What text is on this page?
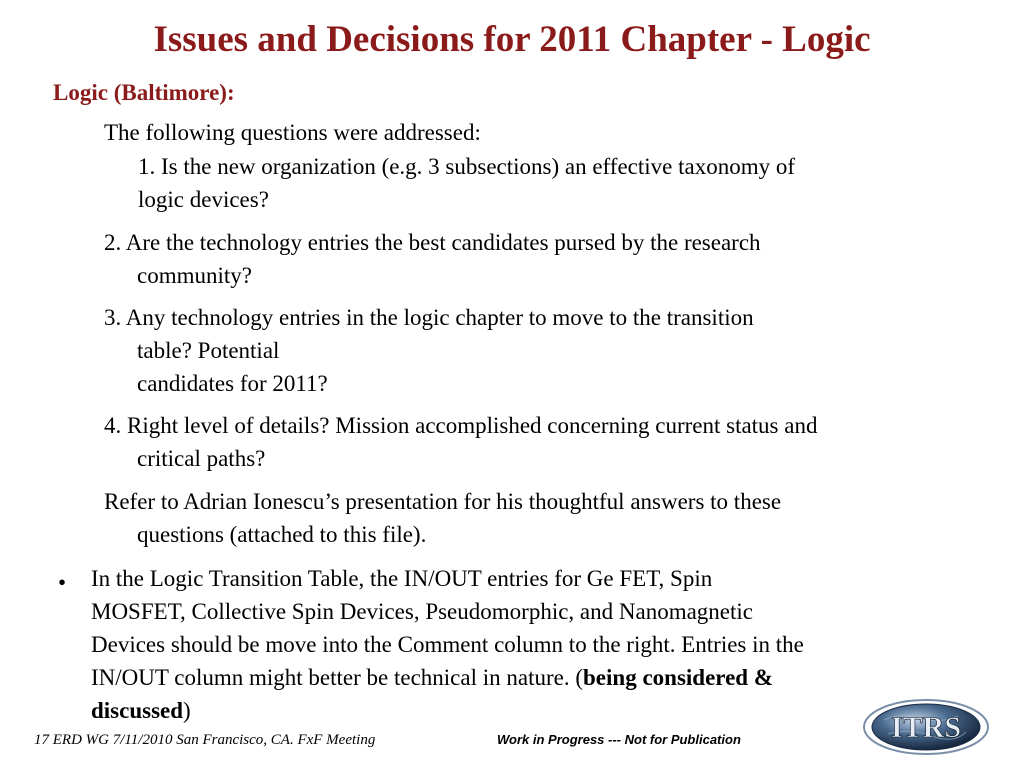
Issues and Decisions for 2011 Chapter - Logic
Logic (Baltimore):
The following questions were addressed:
1. Is the new organization (e.g. 3 subsections) an effective taxonomy of
logic devices?
2. Are the technology entries the best candidates pursed by the research
community?
3. Any technology entries in the logic chapter to move to the transition
table? Potential
candidates for 2011?
4. Right level of details? Mission accomplished concerning current status and
critical paths?
Refer to Adrian Ionescu’s presentation for his thoughtful answers to these
questions (attached to this file).
• In the Logic Transition Table, the IN/OUT entries for Ge FET, Spin
MOSFET, Collective Spin Devices, Pseudomorphic, and Nanomagnetic
Devices should be move into the Comment column to the right. Entries in the
IN/OUT column might better be technical in nature. (being considered &
discussed)
17 ERD WG 7/11/2010 San Francisco, CA. FxF Meeting	Work in Progress --- Not for Publication	ITRS
